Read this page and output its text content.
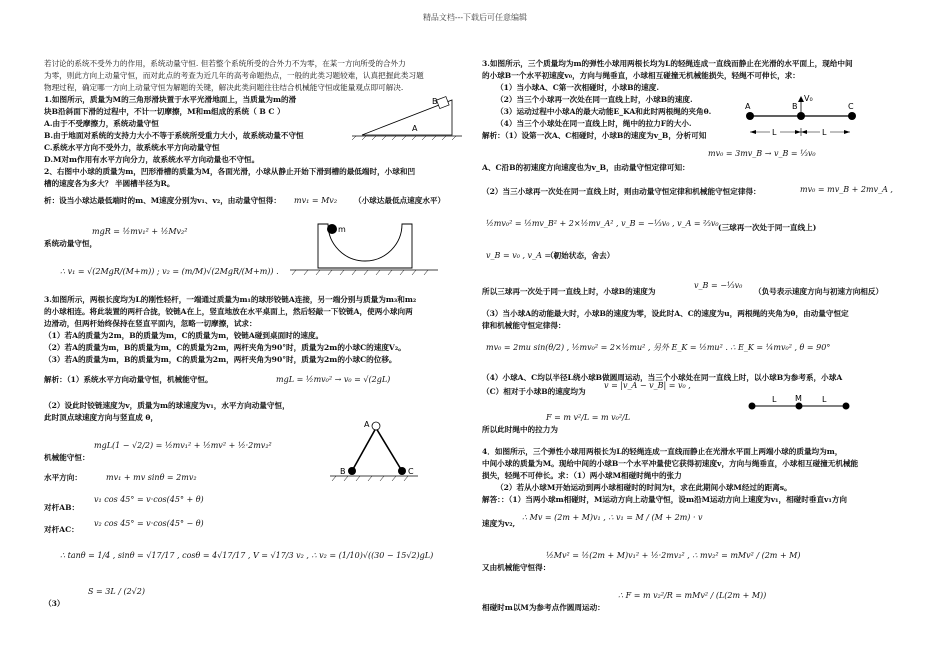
精品文档---下载后可任意编辑

若讨论的系统不受外力的作用，系统动量守恒. 但若整个系统所受的合外力不为零，在某一方向所受的合外力

为零，则此方向上动量守恒，而对此点的考查为近几年的高考命题热点，一般的此类习题较难，认真把握此类习题

物理过程，确定哪一方向上动量守恒为解题的关键，解决此类问题往往结合机械能守恒或能量观点即可解决.

1.如图所示，质量为M的三角形滑块置于水平光滑地面上，当质量为m的滑

块B沿斜面下滑的过程中，不计一切摩擦，M和m组成的系统（ B C ）

A.由于不受摩擦力，系统动量守恒

B.由于地面对系统的支持力大小不等于系统所受重力大小，故系统动量不守恒

C.系统水平方向不受外力，故系统水平方向动量守恒

D.M对m作用有水平方向分力，故系统水平方向动量也不守恒。

2、右图中小球的质量为m，凹形滑槽的质量为M，各面光滑，小球从静止开始下滑到槽的最低端时，小球和凹

槽的速度各为多大？ 半圆槽半径为R。

析：设当小球达最低端时的m、M速度分别为v₁、v₂，由动量守恒得： mv₁ = Mv₂ （小球达最低点速度水平）

mgR = ½mv₁² + ½Mv₂²

系统动量守恒，

∴ v₁ = √(2MgR/(M+m)) ; v₂ = (m/M)√(2MgR/(M+m)) .

3.如图所示，两根长度均为L的刚性轻杆，一端通过质量为m₁的球形铰链A连接，另一端分别与质量为m₃和m₂

的小球相连。将此装置的两杆合拢，铰链A在上，竖直地放在水平桌面上，然后轻敲一下铰链A，使两小球向两

边滑动，但两杆始终保持在竖直平面内，忽略一切摩擦，试求：

（1）若A的质量为2m，B的质量为m，C的质量为m，铰链A碰到桌面时的速度。

（2）若A的质量为m，B的质量为m，C的质量为2m，两杆夹角为90°时，质量为2m的小球C的速度V₂。

（3）若A的质量为m，B的质量为m，C的质量为2m，两杆夹角为90°时，质量为2m的小球C的位移。

解析：（1）系统水平方向动量守恒，机械能守恒。	mgL = ½mv₀² → v₀ = √(2gL)

（2）设此时铰链速度为v，质量为m的球速度为v₁，水平方向动量守恒，

此时顶点球速度方向与竖直成 θ，

mgL(1 − √2/2) = ½mv₁² + ½mv² + ½·2mv₂²

机械能守恒：

水平方向：	mv₁ + mv sinθ = 2mv₂

对杆AB：

v₁ cos 45° = v·cos(45° + θ)

对杆AC：

v₂ cos 45° = v·cos(45° − θ)

∴ tanθ = 1/4 , sinθ = √17/17 , cosθ = 4√17/17 , V = √17/3 v₂ , ∴ v₂ = (1/10)√((30 − 15√2)gL)

S = 3L / (2√2)

（3）

3.如图所示，三个质量均为m的弹性小球用两根长均为L的轻绳连成一直线而静止在光滑的水平面上，现给中间

的小球B一个水平初速度v₀，方向与绳垂直，小球相互碰撞无机械能损失，轻绳不可伸长，求：

（1）当小球A、C第一次相碰时，小球B的速度.

（2）当三个小球再一次处在同一直线上时，小球B的速度.

（3）运动过程中小球A的最大动能E_KA和此时两根绳的夹角θ.

（4）当三个小球处在同一直线上时，绳中的拉力F的大小.

解析：（1）设第一次A、C相碰时，小球B的速度为v_B，分析可知

mv₀ = 3mv_B → v_B = ⅓v₀

A、C沿B的初速度方向速度也为v_B，由动量守恒定律可知：

（2）当三小球再一次处在同一直线上时，则由动量守恒定律和机械能守恒定律得：	mv₀ = mv_B + 2mv_A ,

½mv₀² = ½mv_B² + 2×½mv_A² , v_B = −⅓v₀ , v_A = ⅔v₀ (三球再一次处于同一直线上)

v_B = v₀ , v_A = 0

（初始状态，舍去）

所以三球再一次处于同一直线上时，小球B的速度为

v_B = −⅓v₀

（负号表示速度方向与初速方向相反）

（3）当小球A的动能最大时，小球B的速度为零，设此时A、C的速度为u，两根绳的夹角为θ，由动量守恒定

律和机械能守恒定律得：

mv₀ = 2mu sin(θ/2) , ½mv₀² = 2×½mu² , 另外 E_K = ½mu² . ∴ E_K = ¼mv₀² , θ = 90°

（4）小球A、C均以半径L绕小球B做圆周运动，当三个小球处在同一直线上时，以小球B为参考系，小球A

（C）相对于小球B的速度均为

v = |v_A − v_B| = v₀ ,

F = m v²/L = m v₀²/L

所以此时绳中的拉力为

4．如图所示，三个弹性小球用两根长为L的轻绳连成一直线而静止在光滑水平面上两端小球的质量均为m，

中间小球的质量为M。现给中间的小球B一个水平冲量使它获得初速度v，方向与绳垂直，小球相互碰撞无机械能

损失，轻绳不可伸长。求：（1）两小球M相碰时绳中的张力

（2）若从小球M开始运动到两小球相碰时的时间为t，求在此期间小球M经过的距离s。

解答：：（1）当两小球m相碰时，M运动方向上动量守恒，设m沿M运动方向上速度为v₁，相碰时垂直v₁方向

速度为v₂,

∴ Mv = (2m + M)v₁ , ∴ v₁ = M / (M + 2m) · v

½Mv² = ½(2m + M)v₁² + ½·2mv₂² , ∴ mv₂² = mMv² / (2m + M)

又由机械能守恒得：

∴ F = m v₂²/R = mMv² / (L(2m + M))

相碰时m以M为参考点作圆周运动：

B
A
m
A
B	C
V₀
A	B	C
L	L
M
L	L
